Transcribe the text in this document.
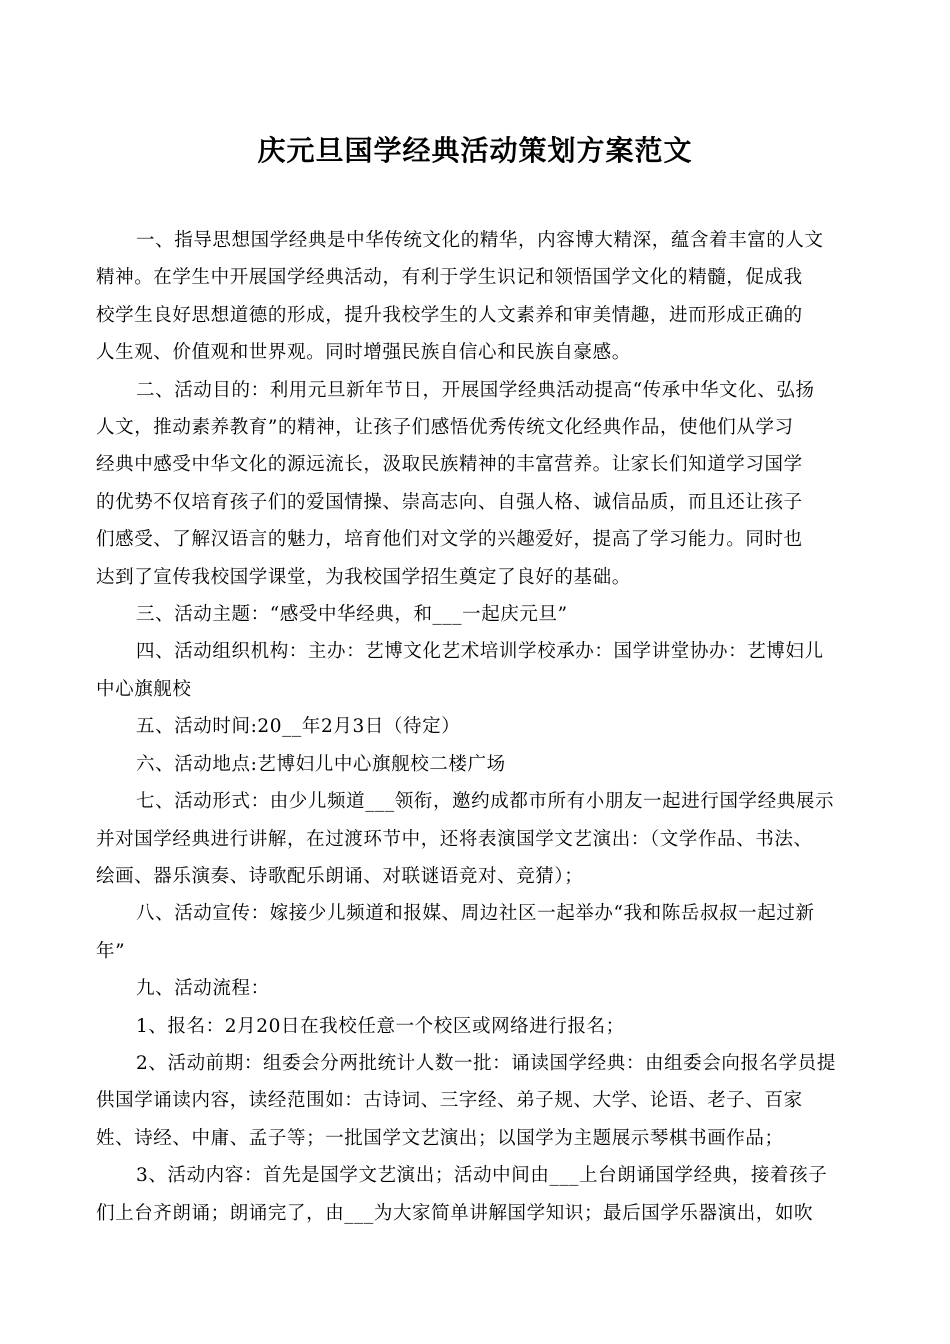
庆元旦国学经典活动策划方案范文

一、指导思想国学经典是中华传统文化的精华，内容博大精深，蕴含着丰富的人文
精神。在学生中开展国学经典活动，有利于学生识记和领悟国学文化的精髓，促成我
校学生良好思想道德的形成，提升我校学生的人文素养和审美情趣，进而形成正确的
人生观、价值观和世界观。同时增强民族自信心和民族自豪感。

二、活动目的：利用元旦新年节日，开展国学经典活动提高“传承中华文化、弘扬
人文，推动素养教育”的精神，让孩子们感悟优秀传统文化经典作品，使他们从学习
经典中感受中华文化的源远流长，汲取民族精神的丰富营养。让家长们知道学习国学
的优势不仅培育孩子们的爱国情操、崇高志向、自强人格、诚信品质，而且还让孩子
们感受、了解汉语言的魅力，培育他们对文学的兴趣爱好，提高了学习能力。同时也
达到了宣传我校国学课堂，为我校国学招生奠定了良好的基础。

三、活动主题：“感受中华经典，和___一起庆元旦”

四、活动组织机构：主办：艺博文化艺术培训学校承办：国学讲堂协办：艺博妇儿
中心旗舰校

五、活动时间:20__年2月3日（待定）

六、活动地点:艺博妇儿中心旗舰校二楼广场

七、活动形式：由少儿频道___领衔，邀约成都市所有小朋友一起进行国学经典展示
并对国学经典进行讲解，在过渡环节中，还将表演国学文艺演出：（文学作品、书法、
绘画、器乐演奏、诗歌配乐朗诵、对联谜语竞对、竞猜）；

八、活动宣传：嫁接少儿频道和报媒、周边社区一起举办“我和陈岳叔叔一起过新
年”

九、活动流程：

1、报名：2月20日在我校任意一个校区或网络进行报名；

2、活动前期：组委会分两批统计人数一批：诵读国学经典：由组委会向报名学员提
供国学诵读内容，读经范围如：古诗词、三字经、弟子规、大学、论语、老子、百家
姓、诗经、中庸、孟子等；一批国学文艺演出；以国学为主题展示琴棋书画作品；

3、活动内容：首先是国学文艺演出；活动中间由___上台朗诵国学经典，接着孩子
们上台齐朗诵；朗诵完了，由___为大家简单讲解国学知识；最后国学乐器演出，如吹
